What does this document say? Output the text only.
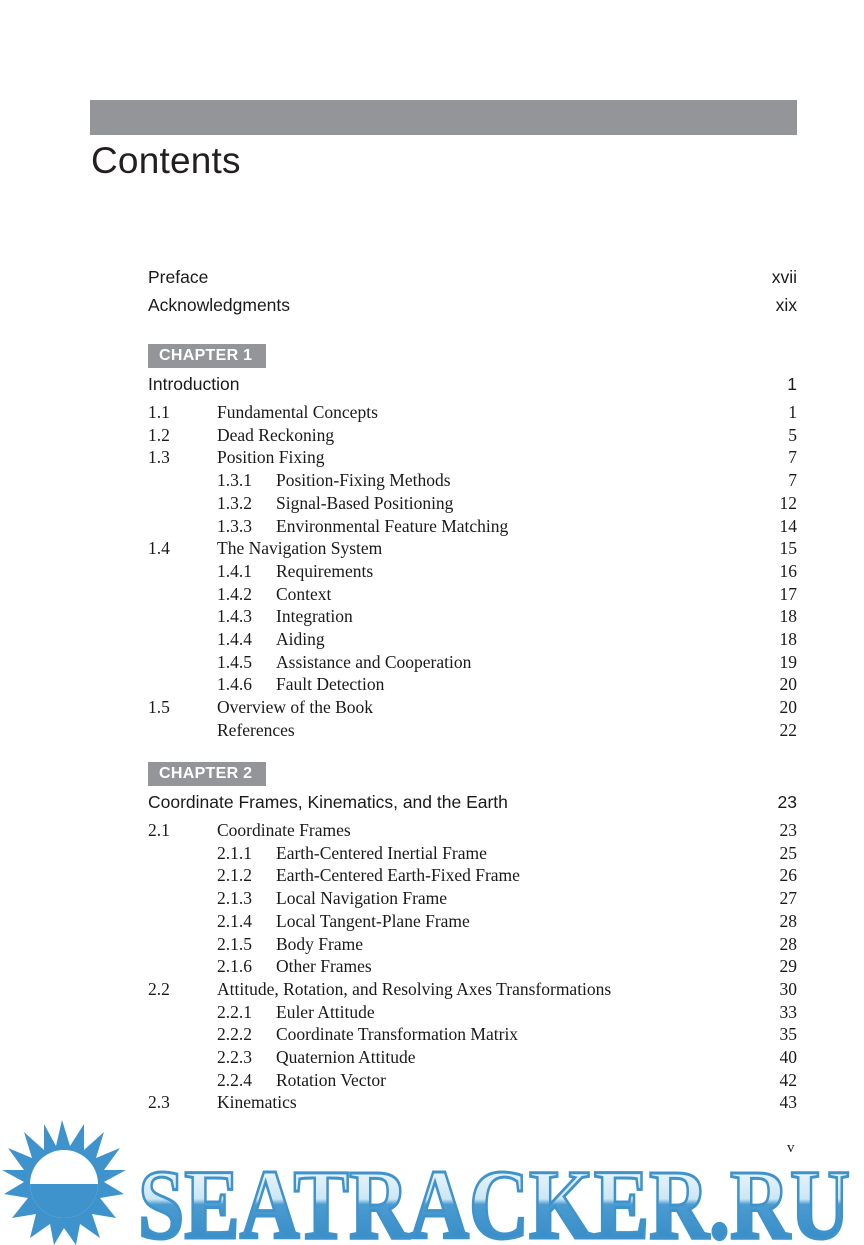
Contents
Preface	xvii
Acknowledgments	xix
CHAPTER 1
Introduction	1
1.1	Fundamental Concepts	1
1.2	Dead Reckoning	5
1.3	Position Fixing	7
1.3.1 Position-Fixing Methods	7
1.3.2 Signal-Based Positioning	12
1.3.3 Environmental Feature Matching	14
1.4	The Navigation System	15
1.4.1 Requirements	16
1.4.2 Context	17
1.4.3 Integration	18
1.4.4 Aiding	18
1.4.5 Assistance and Cooperation	19
1.4.6 Fault Detection	20
1.5	Overview of the Book	20
References	22
CHAPTER 2
Coordinate Frames, Kinematics, and the Earth	23
2.1	Coordinate Frames	23
2.1.1 Earth-Centered Inertial Frame	25
2.1.2 Earth-Centered Earth-Fixed Frame	26
2.1.3 Local Navigation Frame	27
2.1.4 Local Tangent-Plane Frame	28
2.1.5 Body Frame	28
2.1.6 Other Frames	29
2.2	Attitude, Rotation, and Resolving Axes Transformations	30
2.2.1 Euler Attitude	33
2.2.2 Coordinate Transformation Matrix	35
2.2.3 Quaternion Attitude	40
2.2.4 Rotation Vector	42
2.3	Kinematics	43
v
SEATRACKER.RU
